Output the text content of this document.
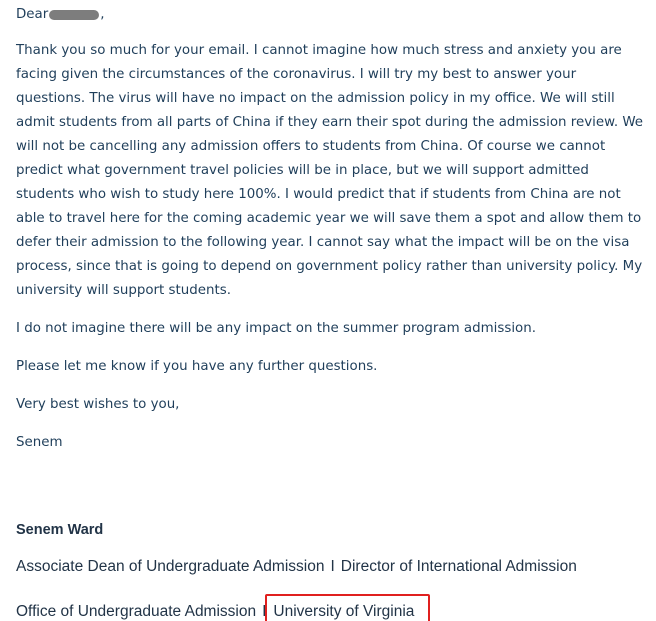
Dear	,

Thank you so much for your email. I cannot imagine how much stress and anxiety you are facing given the circumstances of the coronavirus. I will try my best to answer your questions. The virus will have no impact on the admission policy in my office. We will still admit students from all parts of China if they earn their spot during the admission review. We will not be cancelling any admission offers to students from China. Of course we cannot predict what government travel policies will be in place, but we will support admitted students who wish to study here 100%. I would predict that if students from China are not able to travel here for the coming academic year we will save them a spot and allow them to defer their admission to the following year. I cannot say what the impact will be on the visa process, since that is going to depend on government policy rather than university policy. My university will support students.

I do not imagine there will be any impact on the summer program admission.

Please let me know if you have any further questions.

Very best wishes to you,

Senem

Senem Ward

Associate Dean of Undergraduate Admission I Director of International Admission

Office of Undergraduate Admission I University of Virginia
